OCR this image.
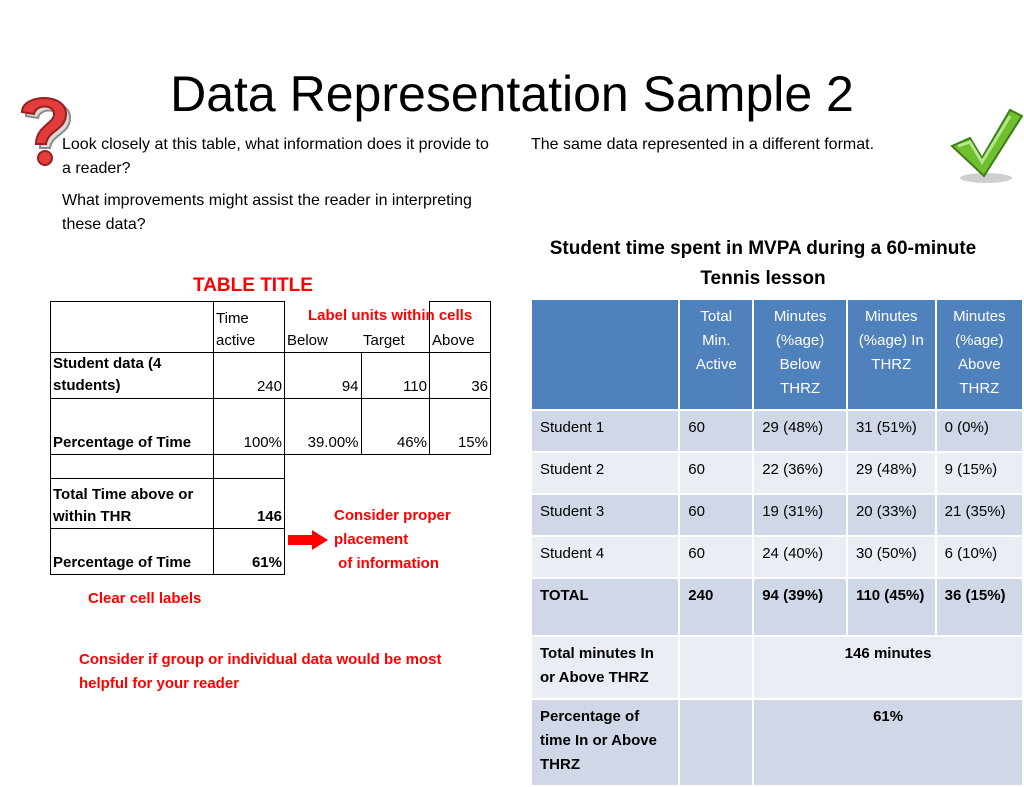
Data Representation Sample 2
Look closely at this table, what information does it provide to a reader?
What improvements might assist the reader in interpreting these data?
The same data represented in a different format.
TABLE TITLE
Label units within cells
Consider proper
placement
of information
Clear cell labels
Consider if group or individual data would be most helpful for your reader
	Time active			
		Below	Target	Above
Student data (4 students)	240	94	110	36
Percentage of Time	100%	39.00%	46%	15%

Total Time above or within THR	146			
Percentage of Time	61%			
Student time spent in MVPA during a 60-minute Tennis lesson
	Total Min. Active	Minutes (%age) Below THRZ	Minutes (%age) In THRZ	Minutes (%age) Above THRZ
Student 1	60	29 (48%)	31 (51%)	0 (0%)
Student 2	60	22 (36%)	29 (48%)	9 (15%)
Student 3	60	19 (31%)	20 (33%)	21 (35%)
Student 4	60	24 (40%)	30 (50%)	6 (10%)
TOTAL	240	94 (39%)	110 (45%)	36 (15%)
Total minutes In or Above THRZ		146 minutes		
Percentage of time In or Above THRZ		61%		
